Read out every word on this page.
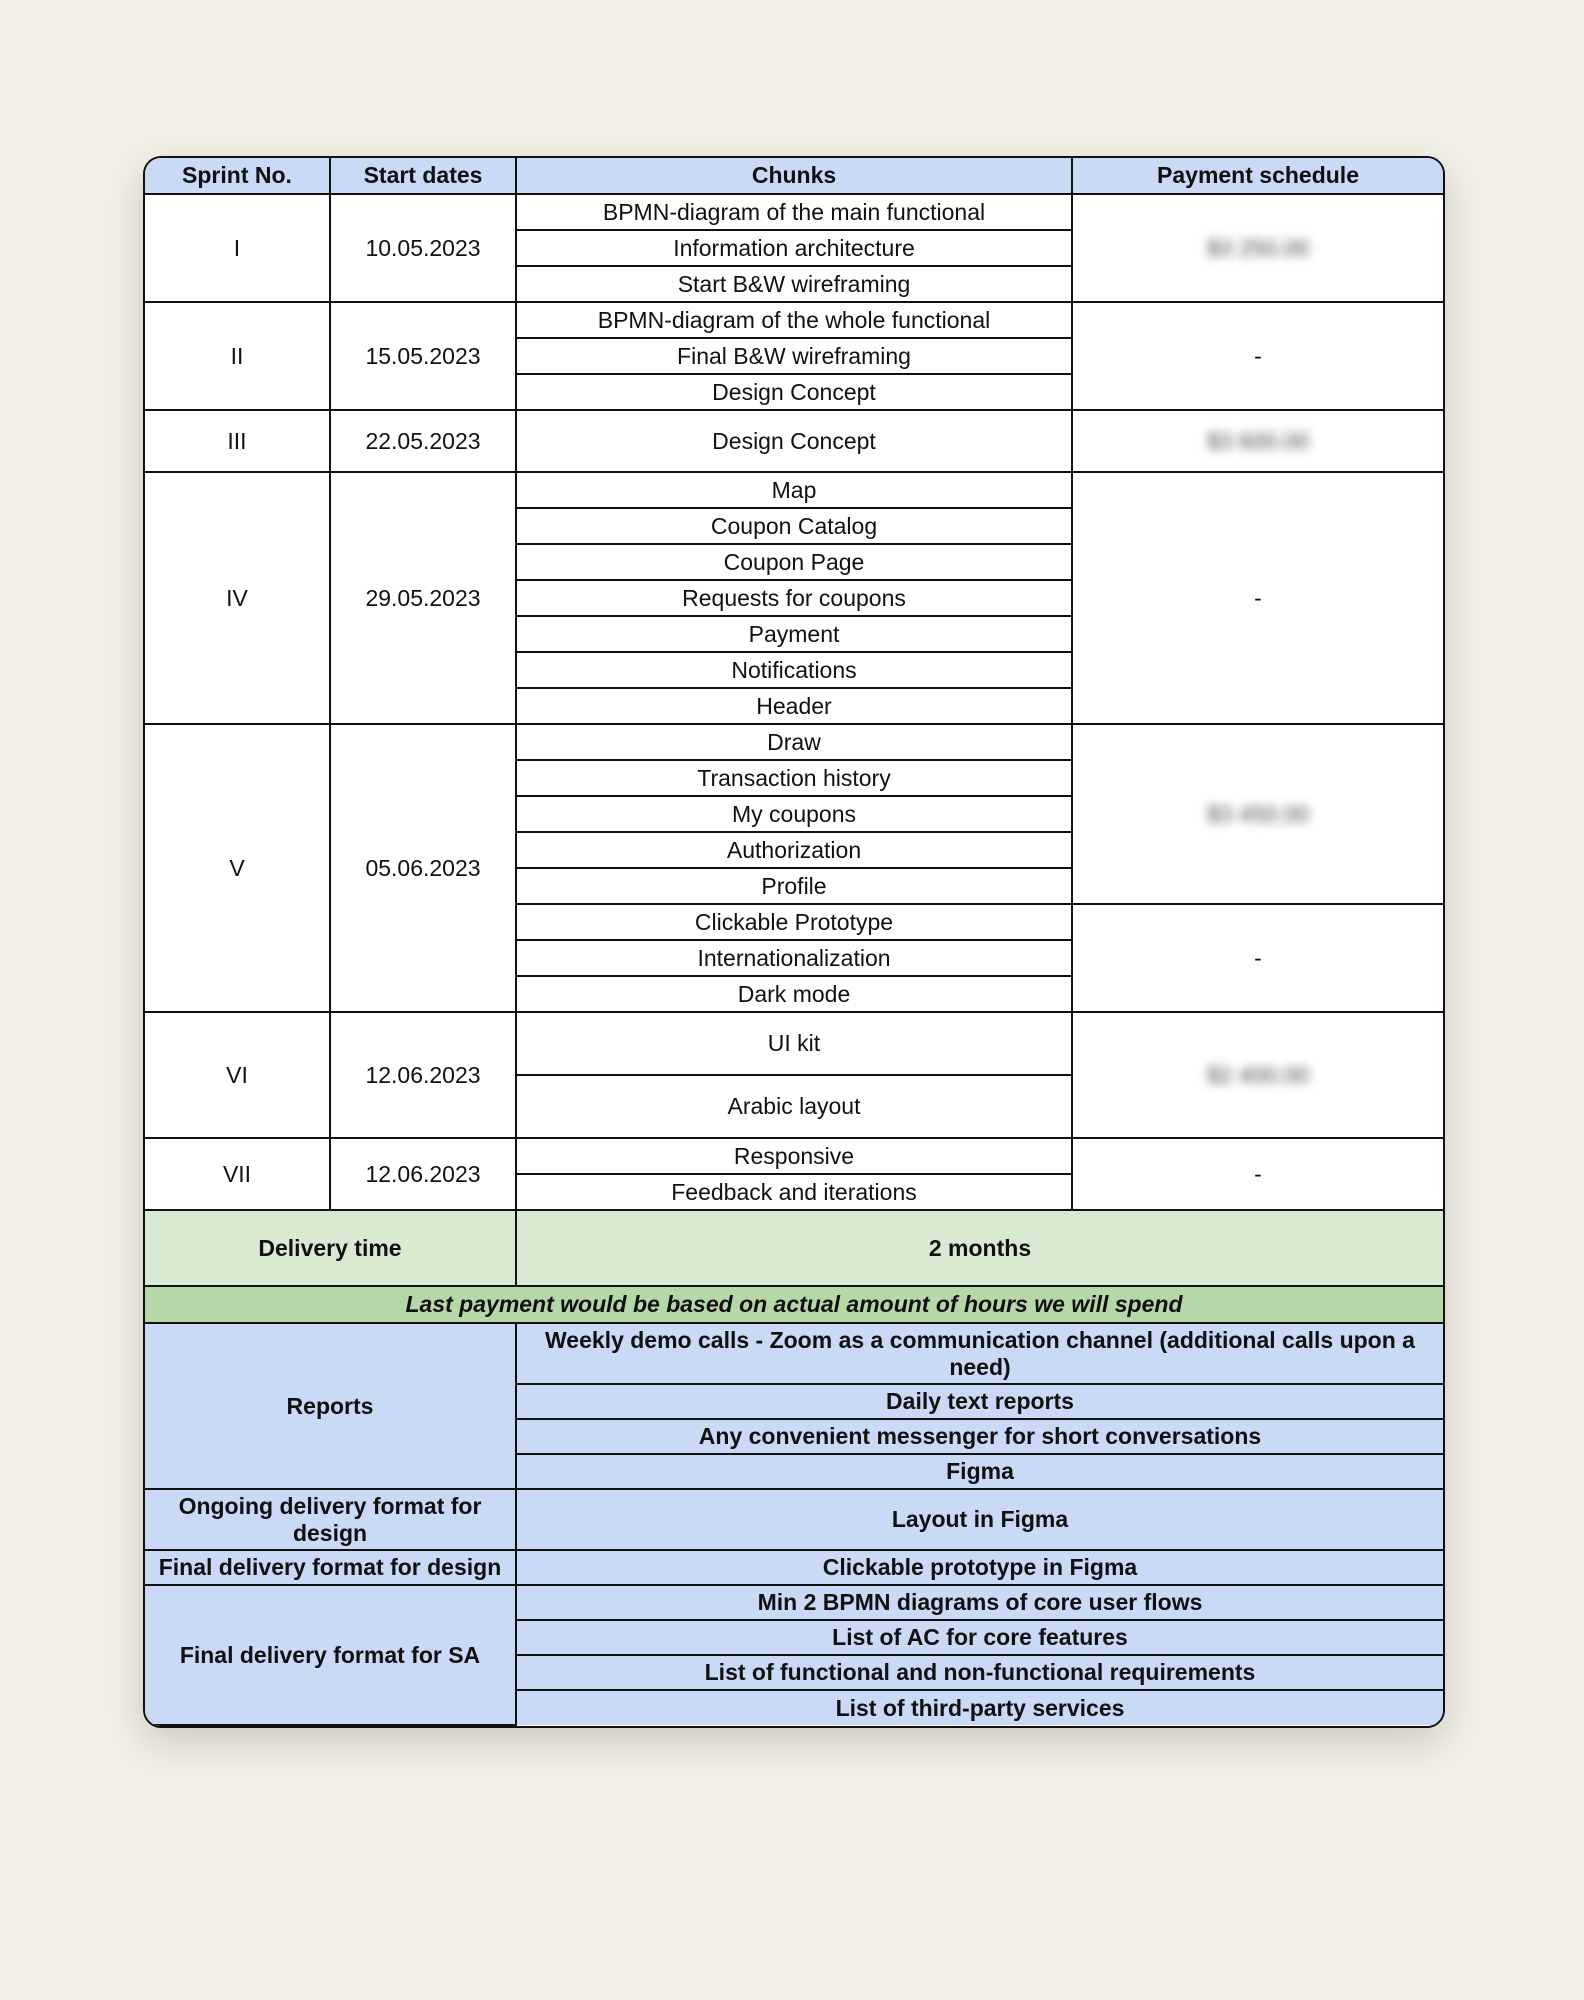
Sprint No.	Start dates	Chunks	Payment schedule
I	10.05.2023	BPMN-diagram of the main functional	$3 250.00
		Information architecture	
		Start B&W wireframing	
II	15.05.2023	BPMN-diagram of the whole functional	-
		Final B&W wireframing	
		Design Concept	
III	22.05.2023	Design Concept	$3 600.00
IV	29.05.2023	Map	-
		Coupon Catalog	
		Coupon Page	
		Requests for coupons	
		Payment	
		Notifications	
		Header	
V	05.06.2023	Draw	$3 450.00
		Transaction history	
		My coupons	
		Authorization	
		Profile	
		Clickable Prototype	-
		Internationalization	
		Dark mode	
VI	12.06.2023	UI kit	$2 400.00
		Arabic layout	
VII	12.06.2023	Responsive	-
		Feedback and iterations	
Delivery time		2 months	
Last payment would be based on actual amount of hours we will spend			
Reports		Weekly demo calls - Zoom as a communication channel (additional calls upon a need)	
		Daily text reports	
		Any convenient messenger for short conversations	
		Figma	
Ongoing delivery format for design		Layout in Figma	
Final delivery format for design		Clickable prototype in Figma	
Final delivery format for SA		Min 2 BPMN diagrams of core user flows	
		List of AC for core features	
		List of functional and non-functional requirements	
		List of third-party services	
